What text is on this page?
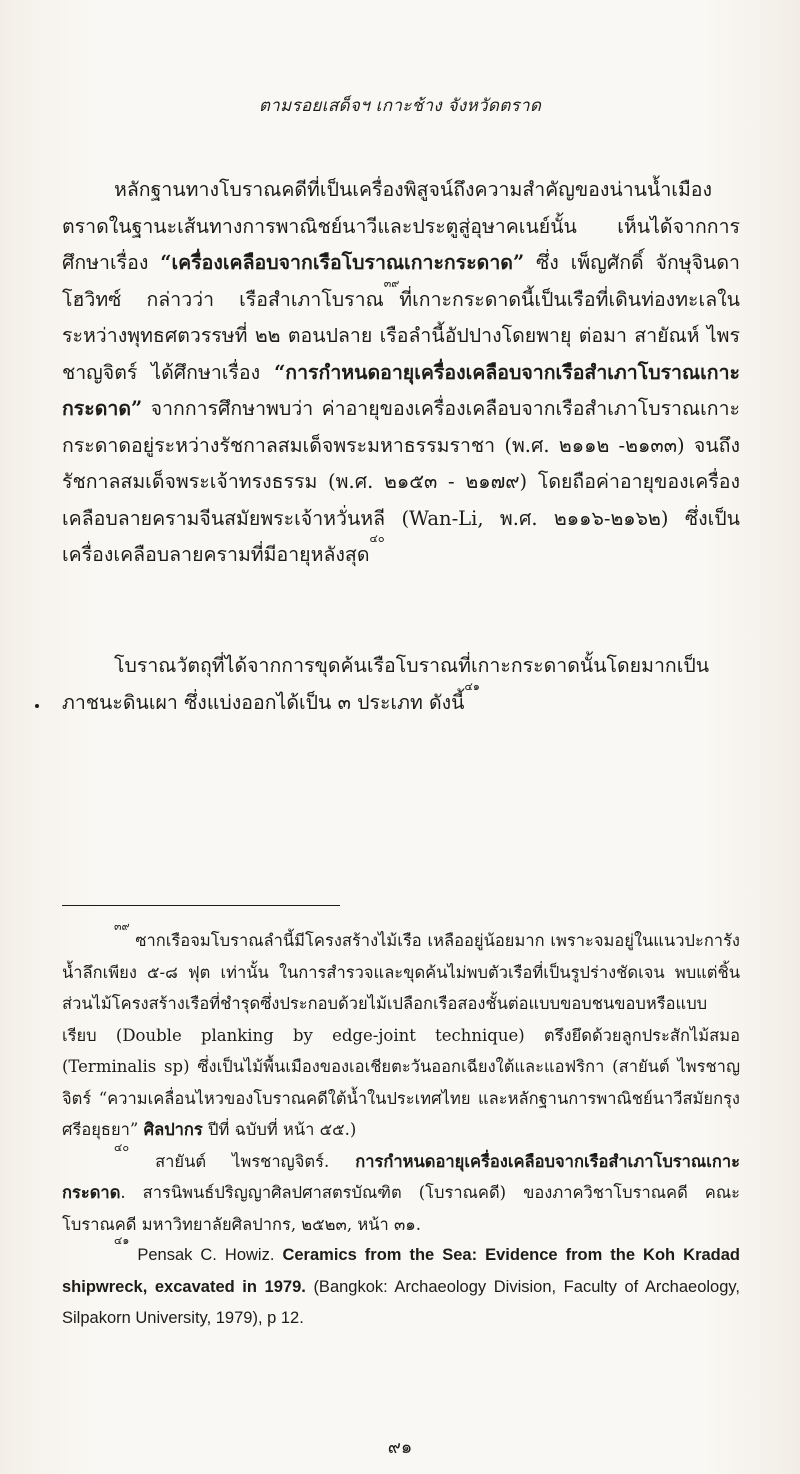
ตามรอยเสด็จฯ เกาะช้าง จังหวัดตราด
หลักฐานทางโบราณคดีที่เป็นเครื่องพิสูจน์ถึงความสำคัญของน่านน้ำเมืองตราดในฐานะเส้นทางการพาณิชย์นาวีและประตูสู่อุษาคเนย์นั้น เห็นได้จากการศึกษาเรื่อง “เครื่องเคลือบจากเรือโบราณเกาะกระดาด” ซึ่ง เพ็ญศักดิ์ จักษุจินดา โฮวิทซ์ กล่าวว่า เรือสำเภาโบราณ$^{๓๙}$ที่เกาะกระดาดนี้เป็นเรือที่เดินท่องทะเลในระหว่างพุทธศตวรรษที่ ๒๒ ตอนปลาย เรือลำนี้อัปปางโดยพายุ ต่อมา สายัณห์ ไพรชาญจิตร์ ได้ศึกษาเรื่อง “การกำหนดอายุเครื่องเคลือบจากเรือสำเภาโบราณเกาะกระดาด” จากการศึกษาพบว่า ค่าอายุของเครื่องเคลือบจากเรือสำเภาโบราณเกาะกระดาดอยู่ระหว่างรัชกาลสมเด็จพระมหาธรรมราชา (พ.ศ. ๒๑๑๒ -๒๑๓๓) จนถึงรัชกาลสมเด็จพระเจ้าทรงธรรม (พ.ศ. ๒๑๕๓ - ๒๑๗๙) โดยถือค่าอายุของเครื่องเคลือบลายครามจีนสมัยพระเจ้าหวั่นหลี (Wan-Li, พ.ศ. ๒๑๑๖-๒๑๖๒) ซึ่งเป็นเครื่องเคลือบลายครามที่มีอายุหลังสุด$^{๔๐}$
โบราณวัตถุที่ได้จากการขุดค้นเรือโบราณที่เกาะกระดาดนั้นโดยมากเป็นภาชนะดินเผา ซึ่งแบ่งออกได้เป็น ๓ ประเภท ดังนี้$^{๔๑}$

$^{๓๙}$ ซากเรือจมโบราณลำนี้มีโครงสร้างไม้เรือ เหลืออยู่น้อยมาก เพราะจมอยู่ในแนวปะการัง น้ำลึกเพียง ๕-๘ ฟุต เท่านั้น ในการสำรวจและขุดค้นไม่พบตัวเรือที่เป็นรูปร่างชัดเจน พบแต่ชิ้นส่วนไม้โครงสร้างเรือที่ชำรุดซึ่งประกอบด้วยไม้เปลือกเรือสองชั้นต่อแบบขอบชนขอบหรือแบบเรียบ (Double planking by edge-joint technique) ตรึงยึดด้วยลูกประสักไม้สมอ (Terminalis sp) ซึ่งเป็นไม้พื้นเมืองของเอเชียตะวันออกเฉียงใต้และแอฟริกา (สายันต์ ไพรชาญจิตร์ “ความเคลื่อนไหวของโบราณคดีใต้น้ำในประเทศไทย และหลักฐานการพาณิชย์นาวีสมัยกรุงศรีอยุธยา” ศิลปากร ปีที่ ฉบับที่ หน้า ๕๕.)

$^{๔๐}$ สายันต์ ไพรชาญจิตร์. การกำหนดอายุเครื่องเคลือบจากเรือสำเภาโบราณเกาะกระดาด. สารนิพนธ์ปริญญาศิลปศาสตรบัณฑิต (โบราณคดี) ของภาควิชาโบราณคดี คณะโบราณคดี มหาวิทยาลัยศิลปากร, ๒๕๒๓, หน้า ๓๑.

$^{๔๑}$ Pensak C. Howiz. Ceramics from the Sea: Evidence from the Koh Kradad shipwreck, excavated in 1979. (Bangkok: Archaeology Division, Faculty of Archaeology, Silpakorn University, 1979), p 12.

๙๑
